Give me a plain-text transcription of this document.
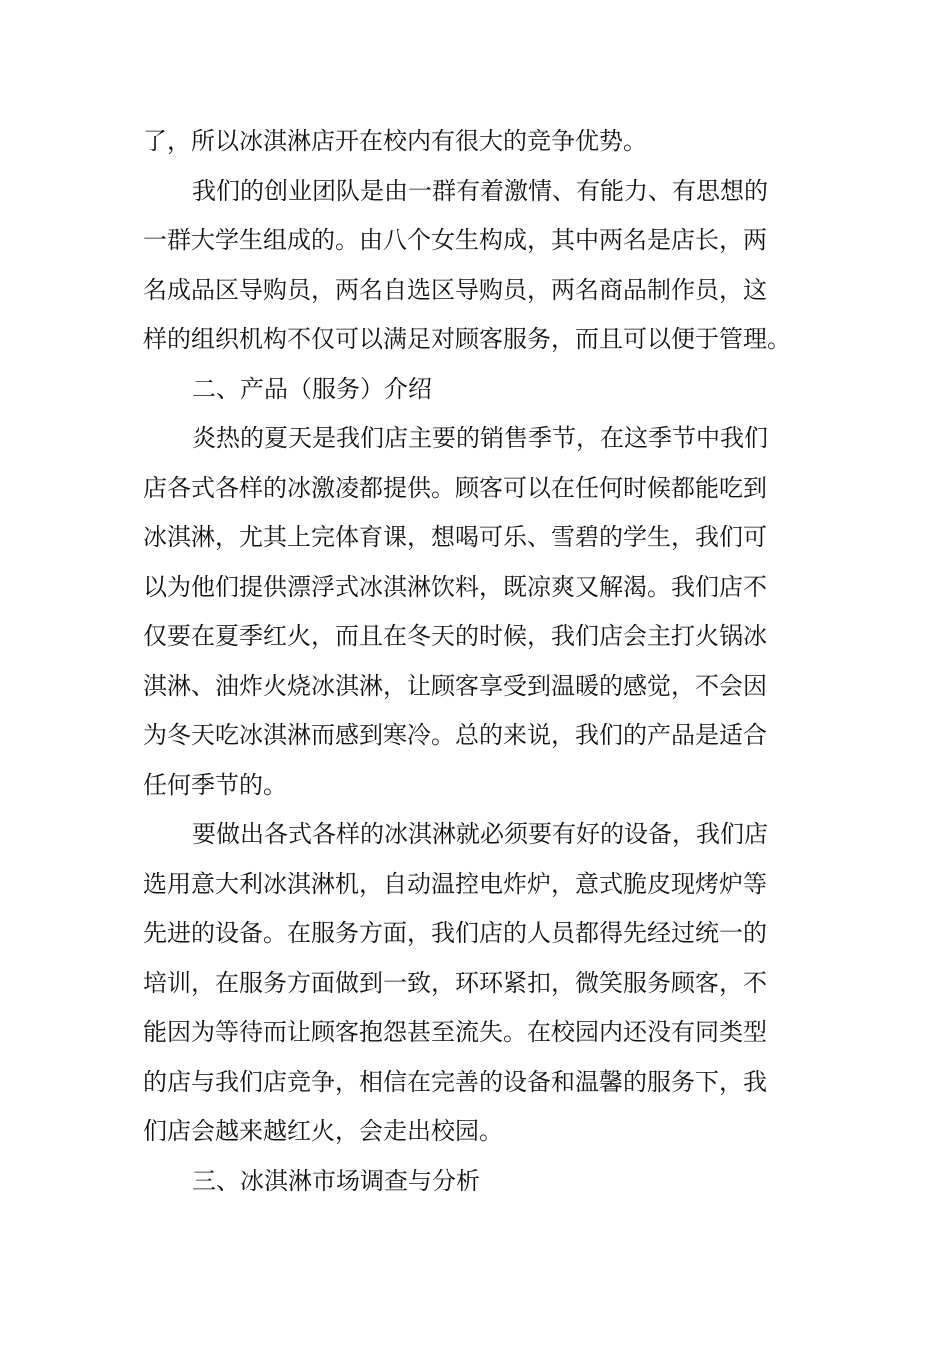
了，所以冰淇淋店开在校内有很大的竞争优势。
我们的创业团队是由一群有着激情、有能力、有思想的
一群大学生组成的。由八个女生构成，其中两名是店长，两
名成品区导购员，两名自选区导购员，两名商品制作员，这
样的组织机构不仅可以满足对顾客服务，而且可以便于管理。
二、产品（服务）介绍
炎热的夏天是我们店主要的销售季节，在这季节中我们
店各式各样的冰激凌都提供。顾客可以在任何时候都能吃到
冰淇淋，尤其上完体育课，想喝可乐、雪碧的学生，我们可
以为他们提供漂浮式冰淇淋饮料，既凉爽又解渴。我们店不
仅要在夏季红火，而且在冬天的时候，我们店会主打火锅冰
淇淋、油炸火烧冰淇淋，让顾客享受到温暖的感觉，不会因
为冬天吃冰淇淋而感到寒冷。总的来说，我们的产品是适合
任何季节的。
要做出各式各样的冰淇淋就必须要有好的设备，我们店
选用意大利冰淇淋机，自动温控电炸炉，意式脆皮现烤炉等
先进的设备。在服务方面，我们店的人员都得先经过统一的
培训，在服务方面做到一致，环环紧扣，微笑服务顾客，不
能因为等待而让顾客抱怨甚至流失。在校园内还没有同类型
的店与我们店竞争，相信在完善的设备和温馨的服务下，我
们店会越来越红火，会走出校园。
三、冰淇淋市场调查与分析
